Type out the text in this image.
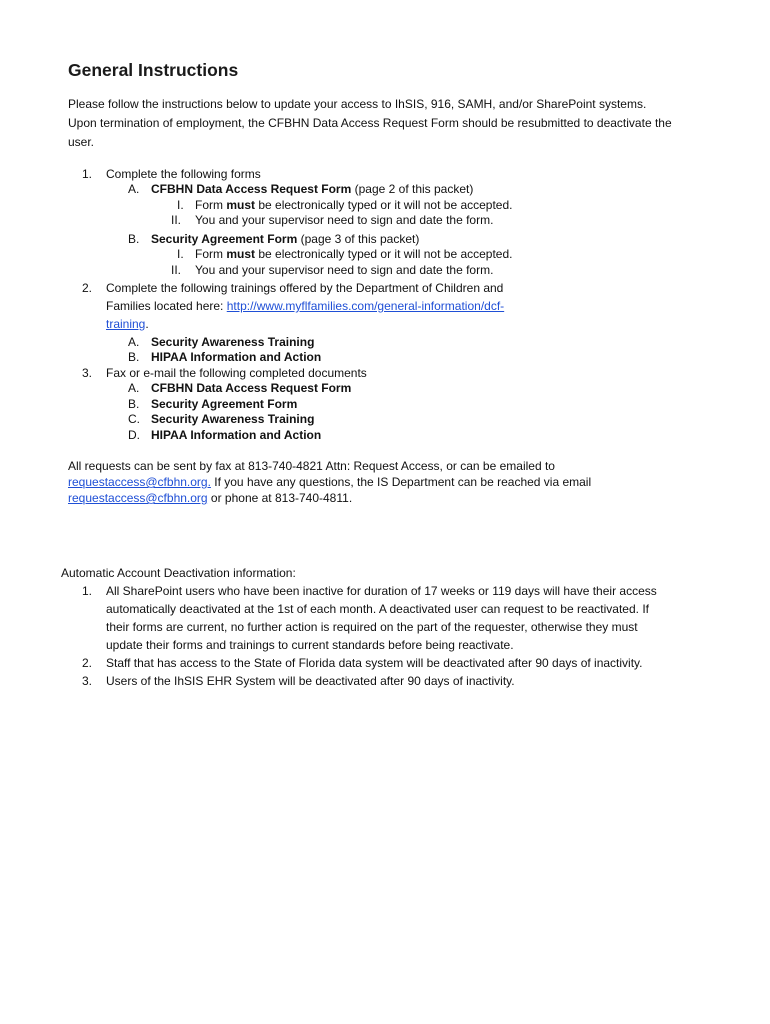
General Instructions
Please follow the instructions below to update your access to IhSIS, 916, SAMH, and/or SharePoint systems.
Upon termination of employment, the CFBHN Data Access Request Form should be resubmitted to deactivate the
user.
1. Complete the following forms
A. CFBHN Data Access Request Form (page 2 of this packet)
I. Form must be electronically typed or it will not be accepted.
II. You and your supervisor need to sign and date the form.
B. Security Agreement Form (page 3 of this packet)
I. Form must be electronically typed or it will not be accepted.
II. You and your supervisor need to sign and date the form.
2. Complete the following trainings offered by the Department of Children and
Families located here: http://www.myflfamilies.com/general-information/dcf-
training.
A. Security Awareness Training
B. HIPAA Information and Action
3. Fax or e-mail the following completed documents
A. CFBHN Data Access Request Form
B. Security Agreement Form
C. Security Awareness Training
D. HIPAA Information and Action
All requests can be sent by fax at 813-740-4821 Attn: Request Access, or can be emailed to
requestaccess@cfbhn.org. If you have any questions, the IS Department can be reached via email
requestaccess@cfbhn.org or phone at 813-740-4811.
Automatic Account Deactivation information:
1. All SharePoint users who have been inactive for duration of 17 weeks or 119 days will have their access
automatically deactivated at the 1st of each month. A deactivated user can request to be reactivated. If
their forms are current, no further action is required on the part of the requester, otherwise they must
update their forms and trainings to current standards before being reactivate.
2. Staff that has access to the State of Florida data system will be deactivated after 90 days of inactivity.
3. Users of the IhSIS EHR System will be deactivated after 90 days of inactivity.
